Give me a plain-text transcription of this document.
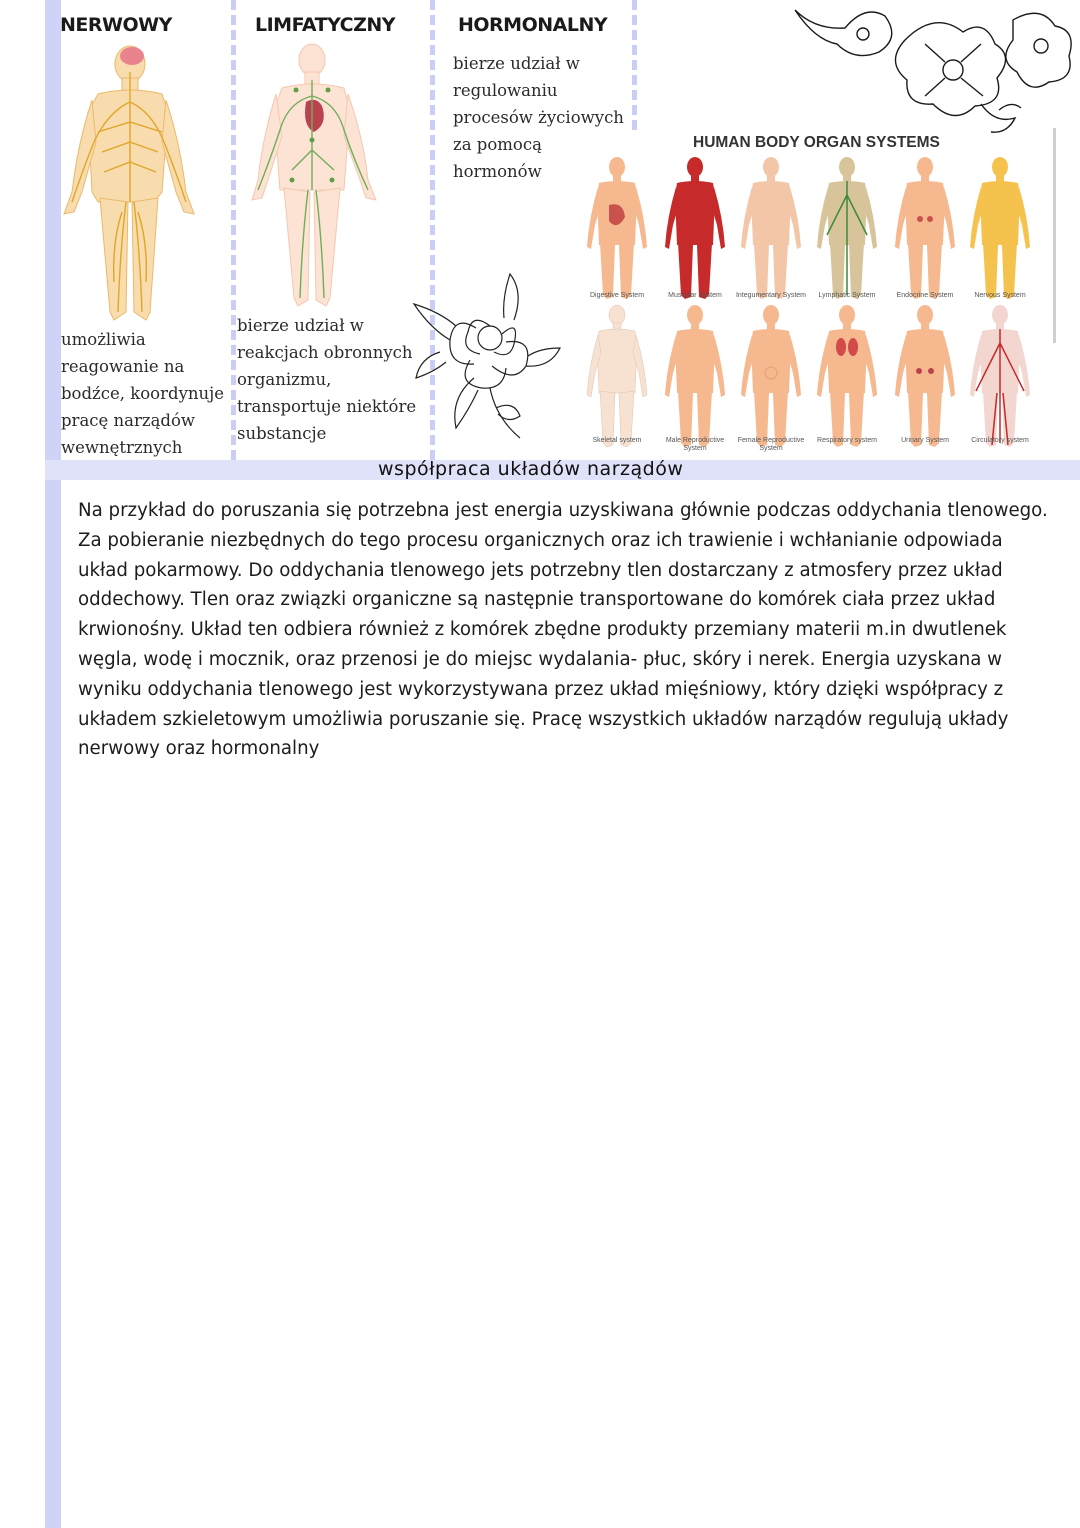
NERWOWY
umożliwia reagowanie na bodźce, koordynuje pracę narządów wewnętrznych
LIMFATYCZNY
bierze udział w reakcjach obronnych organizmu, transportuje niektóre substancje
HORMONALNY
bierze udział w regulowaniu procesów życiowych za pomocą hormonów
HUMAN BODY ORGAN SYSTEMS
Digestive System	Muscular System	Integumentary System	Lymphatic System	Endocrine System	Nervous System
Skeletal system	Male Reproductive System
Female Reproductive System
Respiratory system	Urinary System	Circulatory system
współpraca układów narządów
Na przykład do poruszania się potrzebna jest energia uzyskiwana głównie podczas oddychania tlenowego. Za pobieranie niezbędnych do tego procesu organicznych oraz ich trawienie i wchłanianie odpowiada układ pokarmowy. Do oddychania tlenowego jets potrzebny tlen dostarczany z atmosfery przez układ oddechowy. Tlen oraz związki organiczne są następnie transportowane do komórek ciała przez układ krwionośny. Układ ten odbiera również z komórek zbędne produkty przemiany materii m.in dwutlenek węgla, wodę i mocznik, oraz przenosi je do miejsc wydalania- płuc, skóry i nerek. Energia uzyskana w wyniku oddychania tlenowego jest wykorzystywana przez układ mięśniowy, który dzięki współpracy z układem szkieletowym umożliwia poruszanie się. Pracę wszystkich układów narządów regulują układy nerwowy oraz hormonalny
